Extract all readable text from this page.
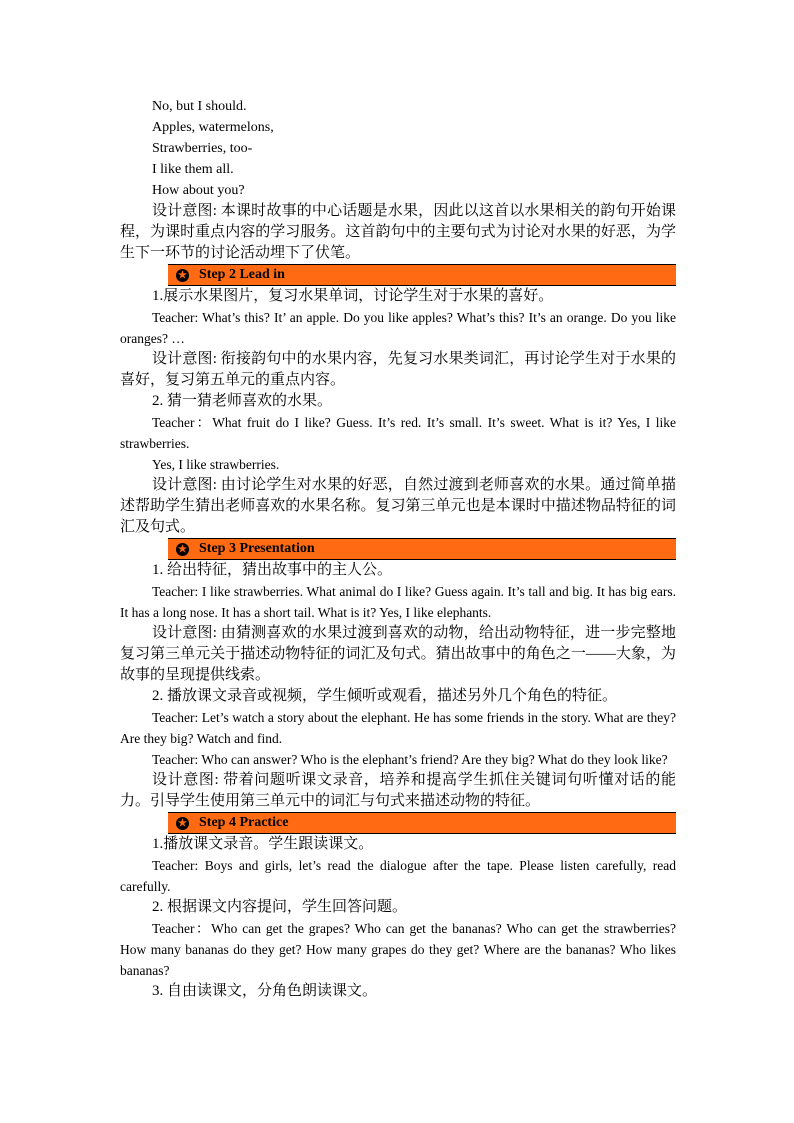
No, but I should.

Apples, watermelons,

Strawberries, too-

I like them all.

How about you?

设计意图: 本课时故事的中心话题是水果，因此以这首以水果相关的韵句开始课程，为课时重点内容的学习服务。这首韵句中的主要句式为讨论对水果的好恶，为学生下一环节的讨论活动埋下了伏笔。

★ Step 2 Lead in

1.展示水果图片，复习水果单词，讨论学生对于水果的喜好。

Teacher: What’s this? It’ an apple. Do you like apples? What’s this? It’s an orange. Do you like oranges? …

设计意图: 衔接韵句中的水果内容，先复习水果类词汇，再讨论学生对于水果的喜好，复习第五单元的重点内容。

2. 猜一猜老师喜欢的水果。

Teacher：What fruit do I like? Guess. It’s red. It’s small. It’s sweet. What is it? Yes, I like strawberries.

Yes, I like strawberries.

设计意图: 由讨论学生对水果的好恶，自然过渡到老师喜欢的水果。通过简单描述帮助学生猜出老师喜欢的水果名称。复习第三单元也是本课时中描述物品特征的词汇及句式。

★ Step 3 Presentation

1. 给出特征，猜出故事中的主人公。

Teacher: I like strawberries. What animal do I like? Guess again. It’s tall and big. It has big ears. It has a long nose. It has a short tail. What is it? Yes, I like elephants.

设计意图: 由猜测喜欢的水果过渡到喜欢的动物，给出动物特征，进一步完整地复习第三单元关于描述动物特征的词汇及句式。猜出故事中的角色之一——大象，为故事的呈现提供线索。

2. 播放课文录音或视频，学生倾听或观看，描述另外几个角色的特征。

Teacher: Let’s watch a story about the elephant. He has some friends in the story. What are they? Are they big? Watch and find.

Teacher: Who can answer? Who is the elephant’s friend? Are they big? What do they look like?

设计意图: 带着问题听课文录音，培养和提高学生抓住关键词句听懂对话的能力。引导学生使用第三单元中的词汇与句式来描述动物的特征。

★ Step 4 Practice

1.播放课文录音。学生跟读课文。

Teacher: Boys and girls, let’s read the dialogue after the tape. Please listen carefully, read carefully.

2. 根据课文内容提问，学生回答问题。

Teacher：Who can get the grapes? Who can get the bananas? Who can get the strawberries? How many bananas do they get? How many grapes do they get? Where are the bananas? Who likes bananas?

3. 自由读课文，分角色朗读课文。
